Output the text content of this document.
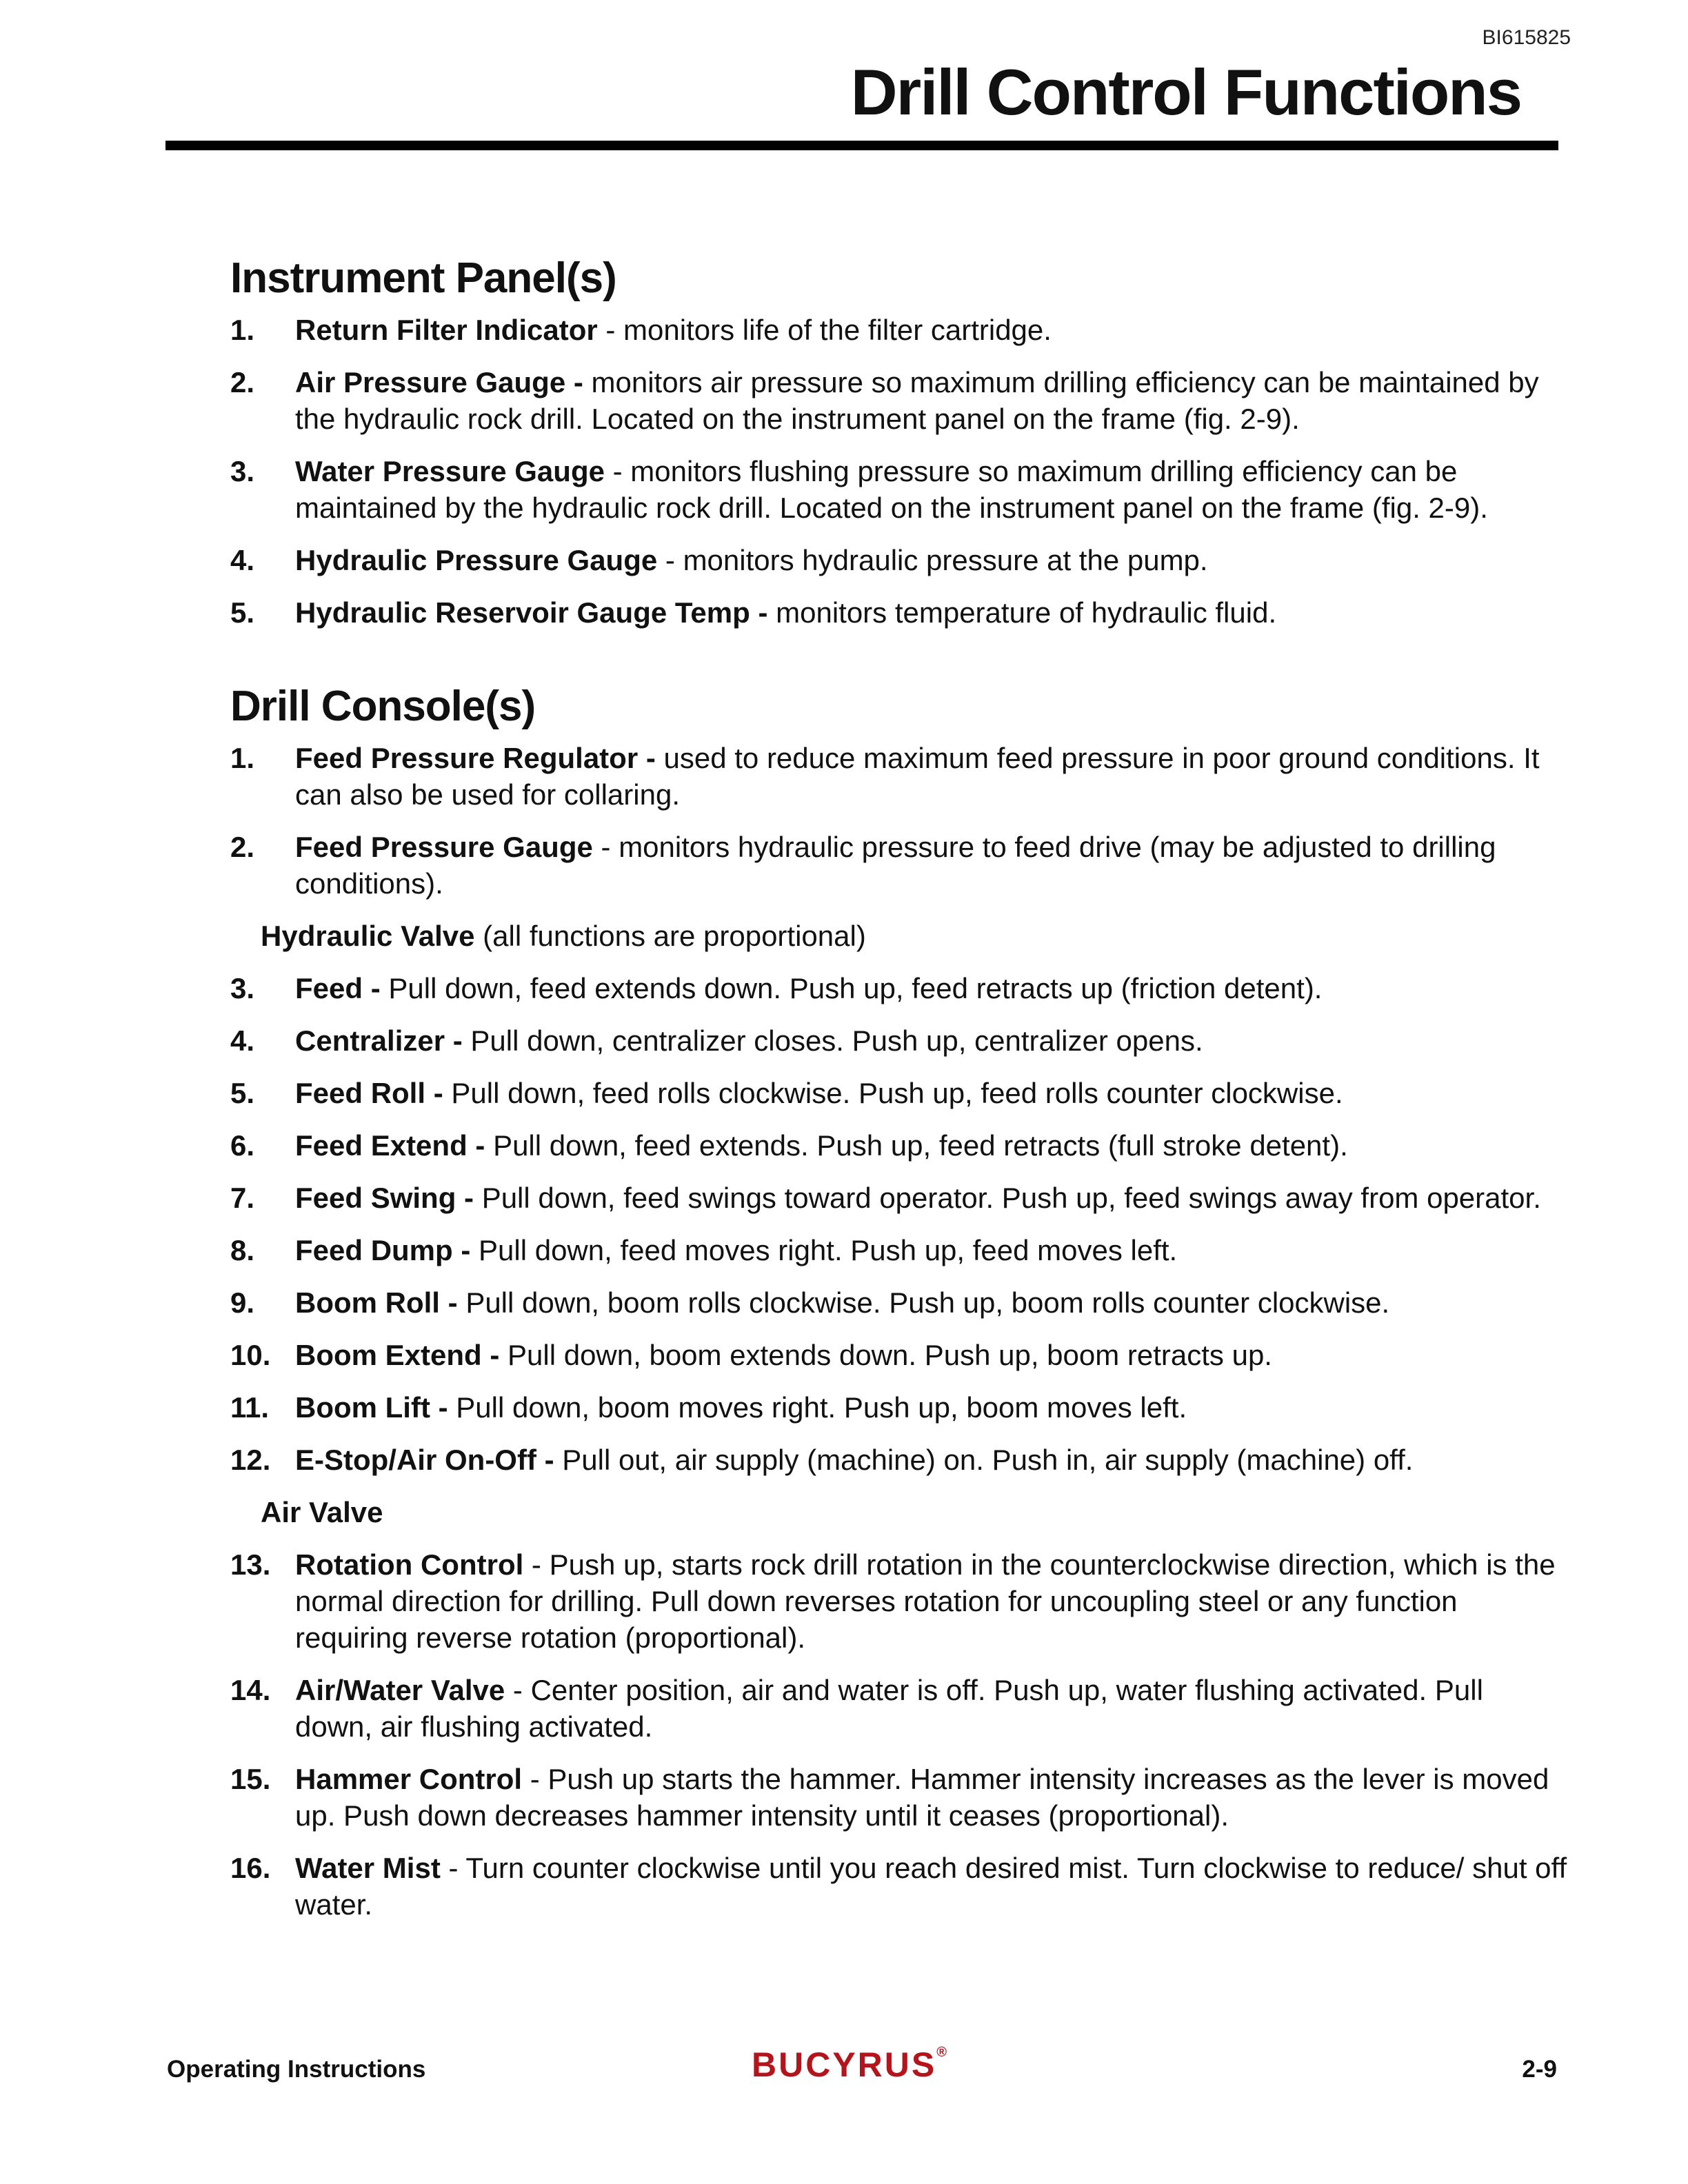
BI615825
Drill Control Functions
Instrument Panel(s)
1. Return Filter Indicator - monitors life of the filter cartridge.
2. Air Pressure Gauge - monitors air pressure so maximum drilling efficiency can be maintained by the hydraulic rock drill. Located on the instrument panel on the frame (fig. 2-9).
3. Water Pressure Gauge - monitors flushing pressure so maximum drilling efficiency can be maintained by the hydraulic rock drill. Located on the instrument panel on the frame (fig. 2-9).
4. Hydraulic Pressure Gauge - monitors hydraulic pressure at the pump.
5. Hydraulic Reservoir Gauge Temp - monitors temperature of hydraulic fluid.
Drill Console(s)
1. Feed Pressure Regulator - used to reduce maximum feed pressure in poor ground conditions. It can also be used for collaring.
2. Feed Pressure Gauge - monitors hydraulic pressure to feed drive (may be adjusted to drilling conditions).
Hydraulic Valve (all functions are proportional)
3. Feed - Pull down, feed extends down. Push up, feed retracts up (friction detent).
4. Centralizer - Pull down, centralizer closes. Push up, centralizer opens.
5. Feed Roll - Pull down, feed rolls clockwise. Push up, feed rolls counter clockwise.
6. Feed Extend - Pull down, feed extends. Push up, feed retracts (full stroke detent).
7. Feed Swing - Pull down, feed swings toward operator. Push up, feed swings away from operator.
8. Feed Dump - Pull down, feed moves right. Push up, feed moves left.
9. Boom Roll - Pull down, boom rolls clockwise. Push up, boom rolls counter clockwise.
10. Boom Extend - Pull down, boom extends down. Push up, boom retracts up.
11. Boom Lift - Pull down, boom moves right. Push up, boom moves left.
12. E-Stop/Air On-Off - Pull out, air supply (machine) on. Push in, air supply (machine) off.
Air Valve
13. Rotation Control - Push up, starts rock drill rotation in the counterclockwise direction, which is the normal direction for drilling. Pull down reverses rotation for uncoupling steel or any function requiring reverse rotation (proportional).
14. Air/Water Valve - Center position, air and water is off. Push up, water flushing activated. Pull down, air flushing activated.
15. Hammer Control - Push up starts the hammer. Hammer intensity increases as the lever is moved up. Push down decreases hammer intensity until it ceases (proportional).
16. Water Mist - Turn counter clockwise until you reach desired mist. Turn clockwise to reduce/ shut off water.
Operating Instructions	BUCYRUS®
2-9
